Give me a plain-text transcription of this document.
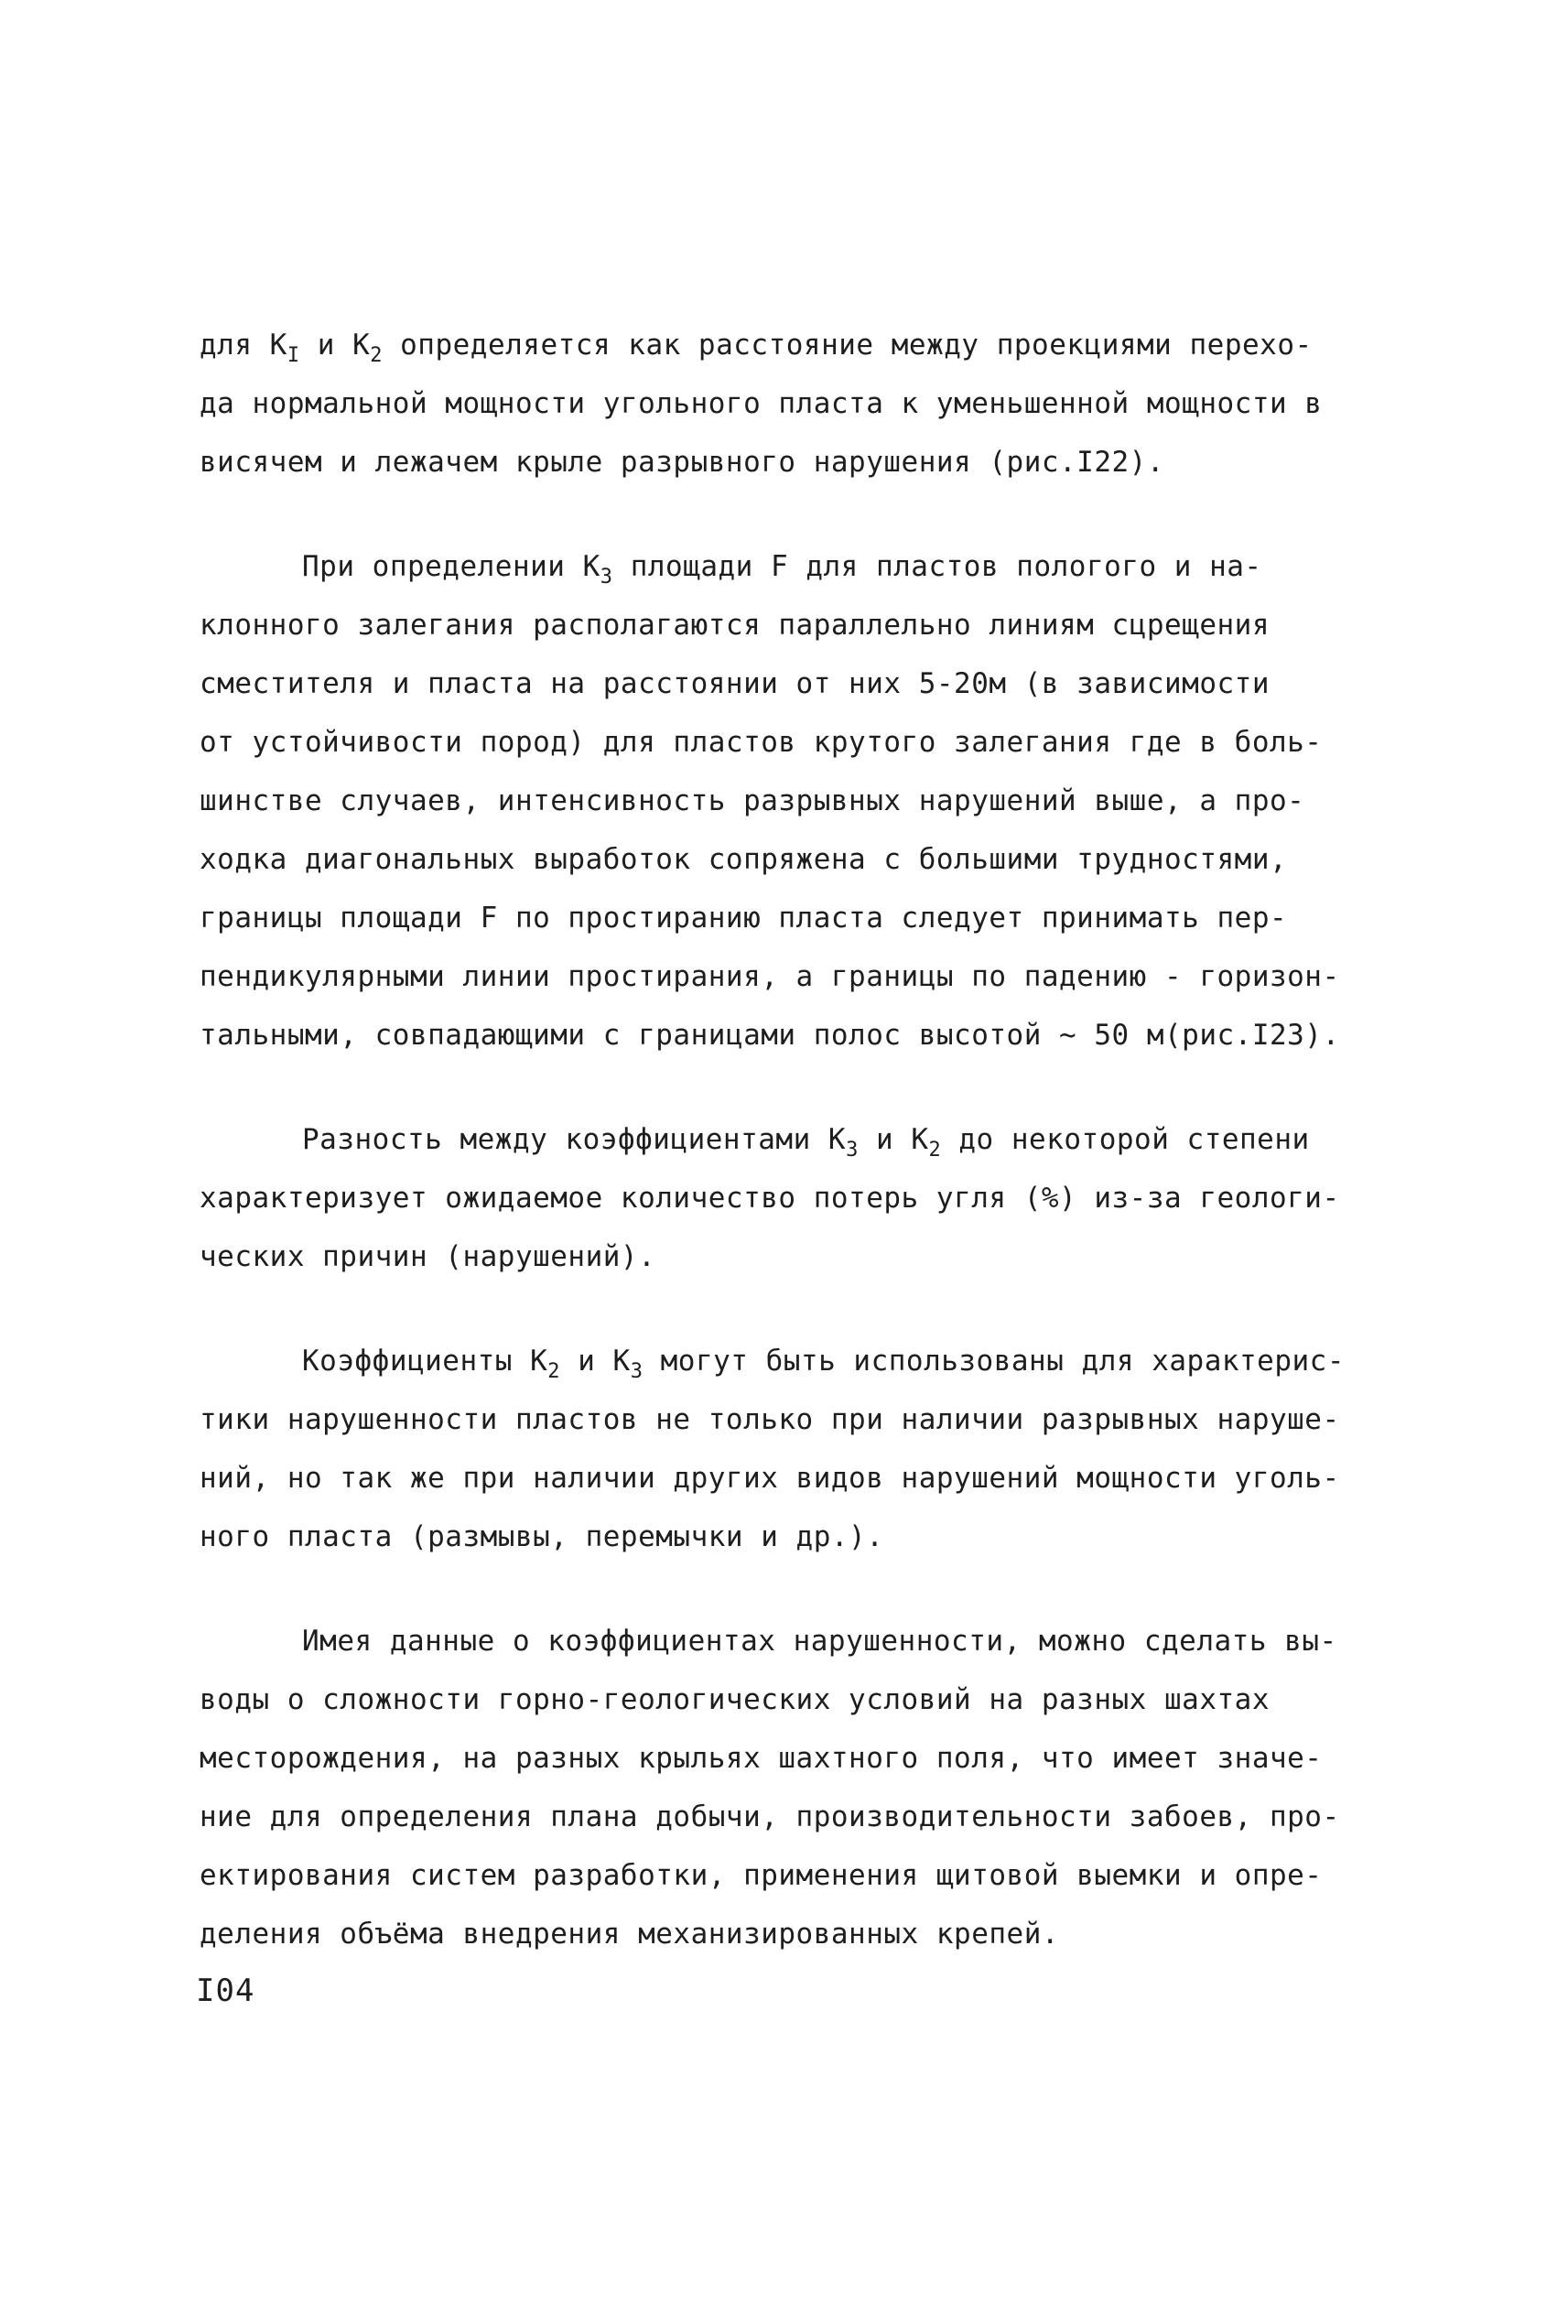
для $К_I$ и $К_2$ определяется как расстояние между проекциями перехо-
да нормальной мощности угольного пласта к уменьшенной мощности в
висячем и лежачем крыле разрывного нарушения (рис.I22).
При определении $К_3$ площади F для пластов пологого и на-
клонного залегания располагаются параллельно линиям сцрещения
сместителя и пласта на расстоянии от них 5-20м (в зависимости
от устойчивости пород) для пластов крутого залегания где в боль-
шинстве случаев, интенсивность разрывных нарушений выше, а про-
ходка диагональных выработок сопряжена с большими трудностями,
границы площади F по простиранию пласта следует принимать пер-
пендикулярными линии простирания, а границы по падению - горизон-
тальными, совпадающими с границами полос высотой ~ 50 м(рис.I23).
Разность между коэффициентами $К_3$ и $К_2$ до некоторой степени
характеризует ожидаемое количество потерь угля (%) из-за геологи-
ческих причин (нарушений).
Коэффициенты $К_2$ и $К_3$ могут быть использованы для характерис-
тики нарушенности пластов не только при наличии разрывных наруше-
ний, но так же при наличии других видов нарушений мощности уголь-
ного пласта (размывы, перемычки и др.).
Имея данные о коэффициентах нарушенности, можно сделать вы-
воды о сложности горно-геологических условий на разных шахтах
месторождения, на разных крыльях шахтного поля, что имеет значе-
ние для определения плана добычи, производительности забоев, про-
ектирования систем разработки, применения щитовой выемки и опре-
деления объёма внедрения механизированных крепей.
I04
